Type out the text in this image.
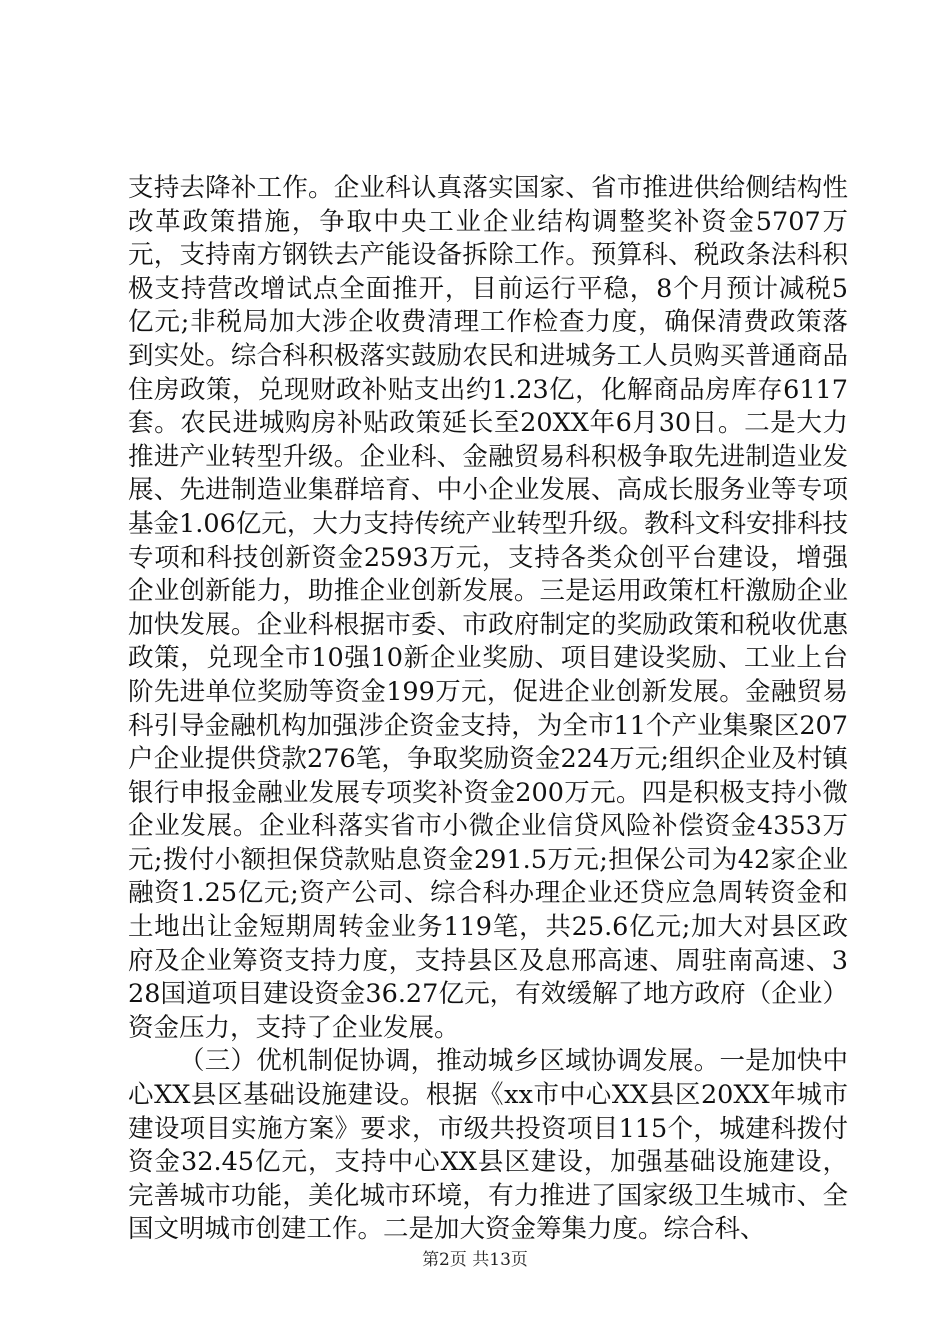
支持去降补工作。企业科认真落实国家、省市推进供给侧结构性改革政策措施，争取中央工业企业结构调整奖补资金5707万元，支持南方钢铁去产能设备拆除工作。预算科、税政条法科积极支持营改增试点全面推开，目前运行平稳，8个月预计减税5亿元;非税局加大涉企收费清理工作检查力度，确保清费政策落到实处。综合科积极落实鼓励农民和进城务工人员购买普通商品住房政策，兑现财政补贴支出约1.23亿，化解商品房库存6117套。农民进城购房补贴政策延长至20XX年6月30日。二是大力推进产业转型升级。企业科、金融贸易科积极争取先进制造业发展、先进制造业集群培育、中小企业发展、高成长服务业等专项基金1.06亿元，大力支持传统产业转型升级。教科文科安排科技专项和科技创新资金2593万元，支持各类众创平台建设，增强企业创新能力，助推企业创新发展。三是运用政策杠杆激励企业加快发展。企业科根据市委、市政府制定的奖励政策和税收优惠政策，兑现全市10强10新企业奖励、项目建设奖励、工业上台阶先进单位奖励等资金199万元，促进企业创新发展。金融贸易科引导金融机构加强涉企资金支持，为全市11个产业集聚区207户企业提供贷款276笔，争取奖励资金224万元;组织企业及村镇银行申报金融业发展专项奖补资金200万元。四是积极支持小微企业发展。企业科落实省市小微企业信贷风险补偿资金4353万元;拨付小额担保贷款贴息资金291.5万元;担保公司为42家企业融资1.25亿元;资产公司、综合科办理企业还贷应急周转资金和土地出让金短期周转金业务119笔，共25.6亿元;加大对县区政府及企业筹资支持力度，支持县区及息邢高速、周驻南高速、328国道项目建设资金36.27亿元，有效缓解了地方政府（企业）资金压力，支持了企业发展。

（三）优机制促协调，推动城乡区域协调发展。一是加快中心XX县区基础设施建设。根据《xx市中心XX县区20XX年城市建设项目实施方案》要求，市级共投资项目115个，城建科拨付资金32.45亿元，支持中心XX县区建设，加强基础设施建设，完善城市功能，美化城市环境，有力推进了国家级卫生城市、全国文明城市创建工作。二是加大资金筹集力度。综合科、

第2页 共13页
